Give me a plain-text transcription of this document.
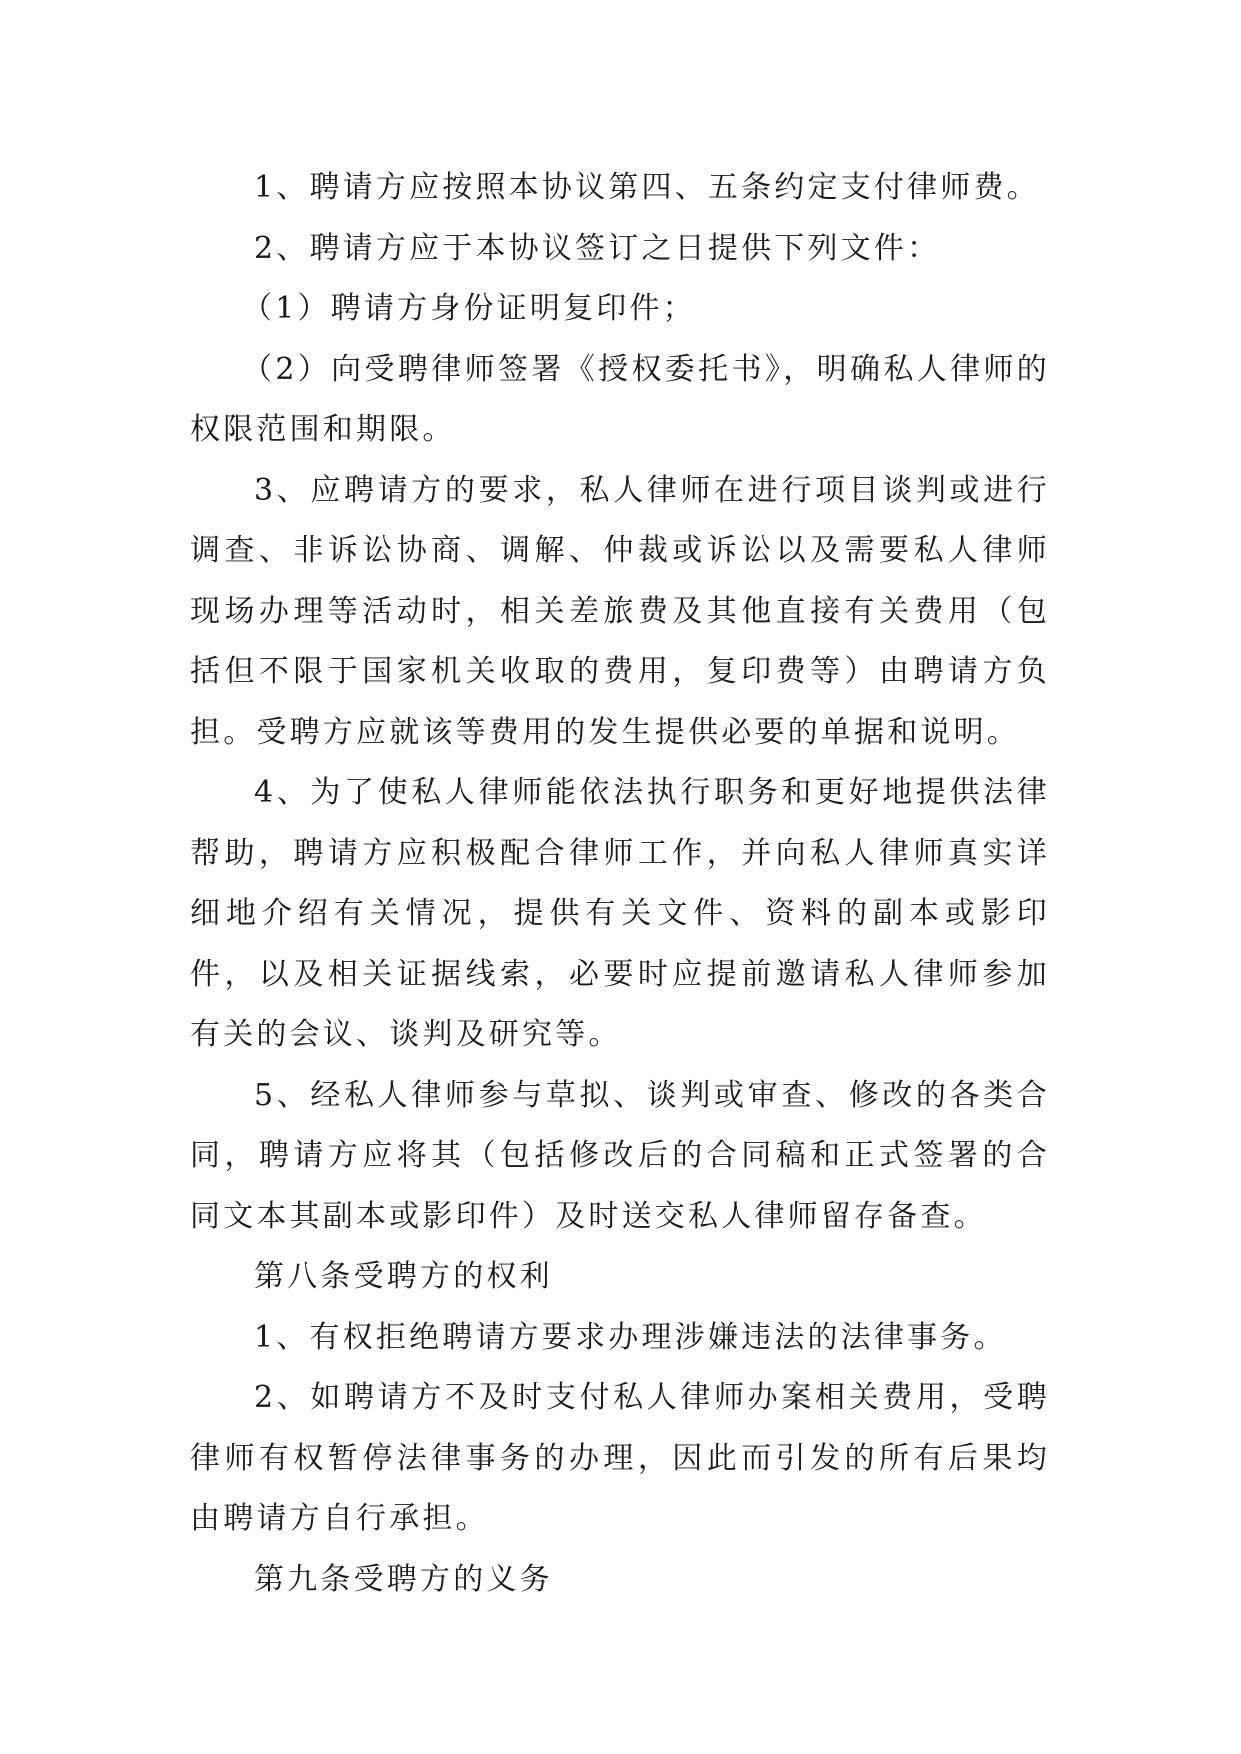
1、聘请方应按照本协议第四、五条约定支付律师费。

2、聘请方应于本协议签订之日提供下列文件：

（1）聘请方身份证明复印件；

（2）向受聘律师签署《授权委托书》，明确私人律师的权限范围和期限。

3、应聘请方的要求，私人律师在进行项目谈判或进行调查、非诉讼协商、调解、仲裁或诉讼以及需要私人律师现场办理等活动时，相关差旅费及其他直接有关费用（包括但不限于国家机关收取的费用，复印费等）由聘请方负担。受聘方应就该等费用的发生提供必要的单据和说明。

4、为了使私人律师能依法执行职务和更好地提供法律帮助，聘请方应积极配合律师工作，并向私人律师真实详细地介绍有关情况，提供有关文件、资料的副本或影印件，以及相关证据线索，必要时应提前邀请私人律师参加有关的会议、谈判及研究等。

5、经私人律师参与草拟、谈判或审查、修改的各类合同，聘请方应将其（包括修改后的合同稿和正式签署的合同文本其副本或影印件）及时送交私人律师留存备查。

第八条受聘方的权利

1、有权拒绝聘请方要求办理涉嫌违法的法律事务。

2、如聘请方不及时支付私人律师办案相关费用，受聘律师有权暂停法律事务的办理，因此而引发的所有后果均由聘请方自行承担。

第九条受聘方的义务
